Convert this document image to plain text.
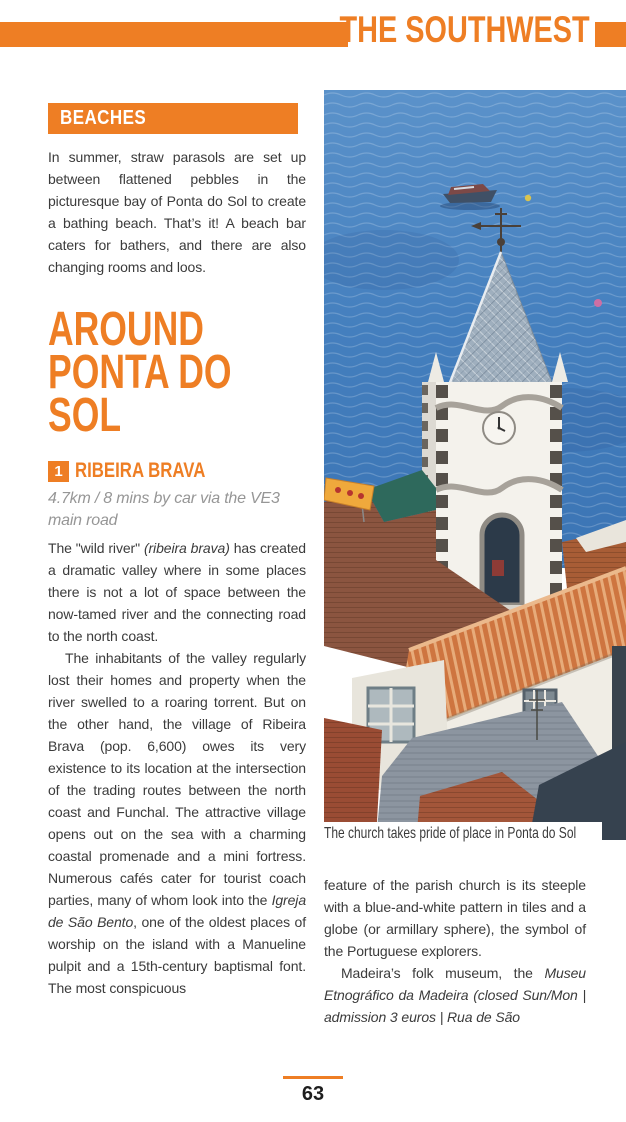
THE SOUTHWEST
BEACHES

In summer, straw parasols are set up between flattened pebbles in the picturesque bay of Ponta do Sol to create a bathing beach. That’s it! A beach bar caters for bathers, and there are also changing rooms and loos.

AROUND
PONTA DO
SOL
1 RIBEIRA BRAVA

4.7km / 8 mins by car via the VE3 main road

The "wild river" (ribeira brava) has created a dramatic valley where in some places there is not a lot of space between the now-tamed river and the connecting road to the north coast.

The inhabitants of the valley regularly lost their homes and property when the river swelled to a roaring torrent. But on the other hand, the village of Ribeira Brava (pop. 6,600) owes its very existence to its location at the intersection of the trading routes between the north coast and Funchal. The attractive village opens out on the sea with a charming coastal promenade and a mini fortress. Numerous cafés cater for tourist coach parties, many of whom look into the Igreja de São Bento, one of the oldest places of worship on the island with a Manueline pulpit and a 15th-century baptismal font. The most conspicuous

The church takes pride of place in Ponta do Sol

feature of the parish church is its steeple with a blue-and-white pattern in tiles and a globe (or armillary sphere), the symbol of the Portuguese explorers.

Madeira’s folk museum, the Museu Etnográfico da Madeira (closed Sun/Mon | admission 3 euros | Rua de São

63
